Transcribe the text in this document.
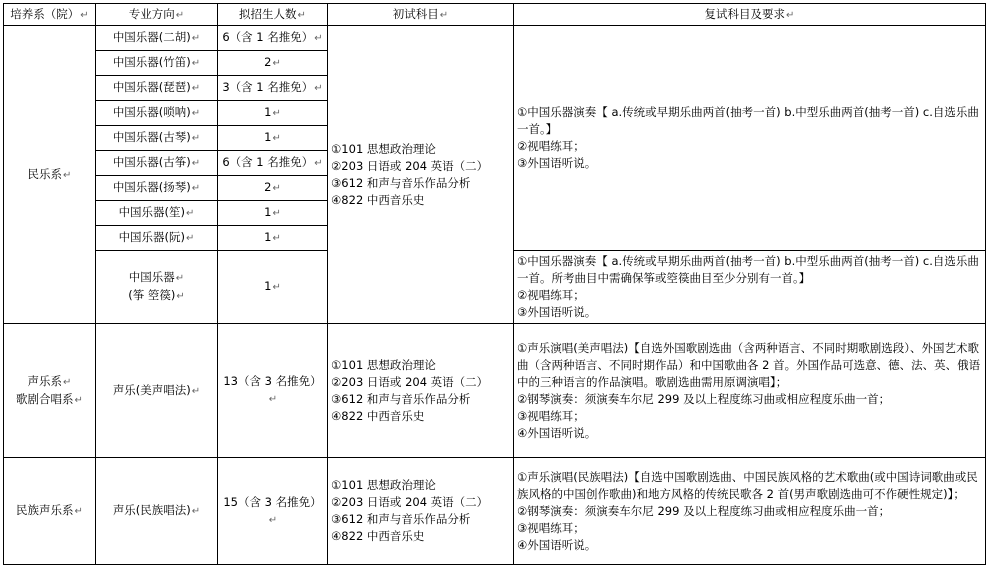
培养系（院）↵	专业方向↵	拟招生人数↵	初试科目↵	复试科目及要求↵
民乐系↵	中国乐器(二胡)↵	6（含 1 名推免）↵	①101 思想政治理论
②203 日语或 204 英语（二）
③612 和声与音乐作品分析
④822 中西音乐史	①中国乐器演奏【 a.传统或早期乐曲两首(抽考一首) b.中型乐曲两首(抽考一首) c.自选乐曲一首。】
②视唱练耳；
③外国语听说。

	中国乐器(竹笛)↵	2↵		
	中国乐器(琵琶)↵	3（含 1 名推免）↵		
	中国乐器(唢呐)↵	1↵		
	中国乐器(古琴)↵	1↵		
	中国乐器(古筝)↵	6（含 1 名推免）↵		
	中国乐器(扬琴)↵	2↵		
	中国乐器(笙)↵	1↵		
	中国乐器(阮)↵	1↵		

	中国乐器↵
(筝 箜篌)↵	1↵		①中国乐器演奏【 a.传统或早期乐曲两首(抽考一首) b.中型乐曲两首(抽考一首) c.自选乐曲一首。所考曲目中需确保筝或箜篌曲目至少分别有一首。】
②视唱练耳；
③外国语听说。

声乐系↵
歌剧合唱系↵	声乐(美声唱法)↵	13（含 3 名推免）↵	①101 思想政治理论
②203 日语或 204 英语（二）
③612 和声与音乐作品分析
④822 中西音乐史	①声乐演唱(美声唱法)【自选外国歌剧选曲（含两种语言、不同时期歌剧选段）、外国艺术歌曲（含两种语言、不同时期作品）和中国歌曲各 2 首。外国作品可选意、德、法、英、俄语中的三种语言的作品演唱。歌剧选曲需用原调演唱】；
②钢琴演奏：须演奏车尔尼 299 及以上程度练习曲或相应程度乐曲一首；
③视唱练耳；
④外国语听说。

民族声乐系↵	声乐(民族唱法)↵	15（含 3 名推免）↵	①101 思想政治理论
②203 日语或 204 英语（二）
③612 和声与音乐作品分析
④822 中西音乐史	①声乐演唱(民族唱法)【自选中国歌剧选曲、中国民族风格的艺术歌曲(或中国诗词歌曲或民族风格的中国创作歌曲)和地方风格的传统民歌各 2 首(男声歌剧选曲可不作硬性规定)】；
②钢琴演奏：须演奏车尔尼 299 及以上程度练习曲或相应程度乐曲一首；
③视唱练耳；
④外国语听说。
